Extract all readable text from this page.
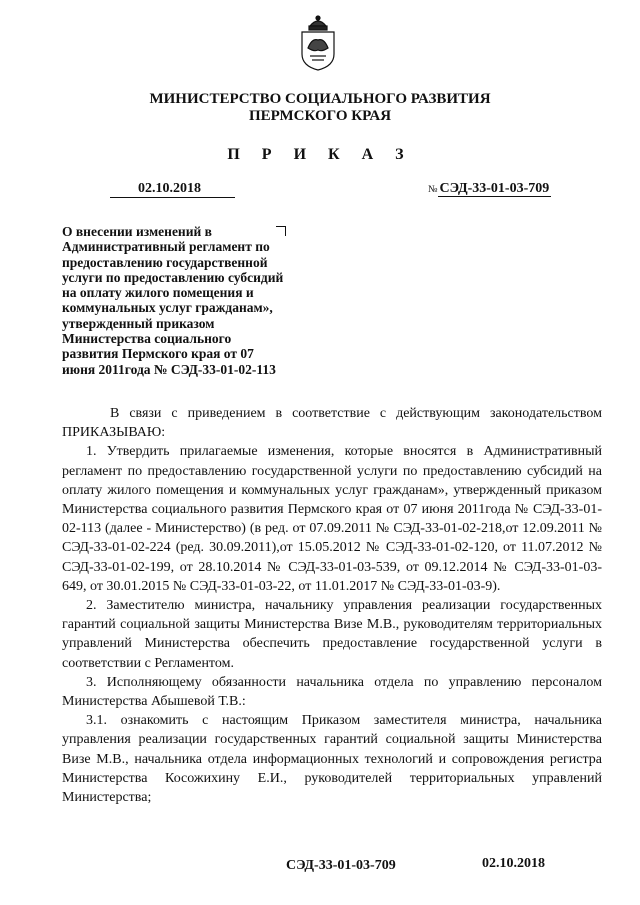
МИНИСТЕРСТВО СОЦИАЛЬНОГО РАЗВИТИЯ
ПЕРМСКОГО КРАЯ
П Р И К А З
02.10.2018	№ СЭД-33-01-03-709
О внесении изменений в Административный регламент по предоставлению государственной услуги по предоставлению субсидий на оплату жилого помещения и коммунальных услуг гражданам», утвержденный приказом Министерства социального развития Пермского края от 07 июня 2011года № СЭД-33-01-02-113

В связи с приведением в соответствие с действующим законодательством ПРИКАЗЫВАЮ:

1. Утвердить прилагаемые изменения, которые вносятся в Административный регламент по предоставлению государственной услуги по предоставлению субсидий на оплату жилого помещения и коммунальных услуг гражданам», утвержденный приказом Министерства социального развития Пермского края от 07 июня 2011года № СЭД-33-01-02-113 (далее - Министерство) (в ред. от 07.09.2011 № СЭД-33-01-02-218,от 12.09.2011 № СЭД-33-01-02-224 (ред. 30.09.2011),от 15.05.2012 № СЭД-33-01-02-120, от 11.07.2012 № СЭД-33-01-02-199, от 28.10.2014 № СЭД-33-01-03-539, от 09.12.2014 № СЭД-33-01-03-649, от 30.01.2015 № СЭД-33-01-03-22, от 11.01.2017 № СЭД-33-01-03-9).

2. Заместителю министра, начальнику управления реализации государственных гарантий социальной защиты Министерства Визе М.В., руководителям территориальных управлений Министерства обеспечить предоставление государственной услуги в соответствии с Регламентом.

3. Исполняющему обязанности начальника отдела по управлению персоналом Министерства Абышевой Т.В.:

3.1. ознакомить с настоящим Приказом заместителя министра, начальника управления реализации государственных гарантий социальной защиты Министерства Визе М.В., начальника отдела информационных технологий и сопровождения регистра Министерства Косожихину Е.И., руководителей территориальных управлений Министерства;

СЭД-33-01-03-709	02.10.2018
